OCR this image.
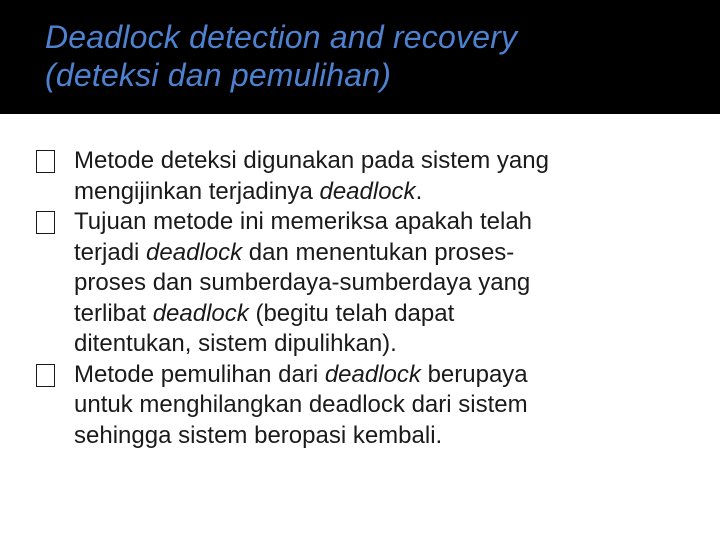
Deadlock detection and recovery
(deteksi dan pemulihan)
Metode deteksi digunakan pada sistem yang
mengijinkan terjadinya deadlock.
Tujuan metode ini memeriksa apakah telah
terjadi deadlock dan menentukan proses-
proses dan sumberdaya-sumberdaya yang
terlibat deadlock (begitu telah dapat
ditentukan, sistem dipulihkan).
Metode pemulihan dari deadlock berupaya
untuk menghilangkan deadlock dari sistem
sehingga sistem beropasi kembali.
